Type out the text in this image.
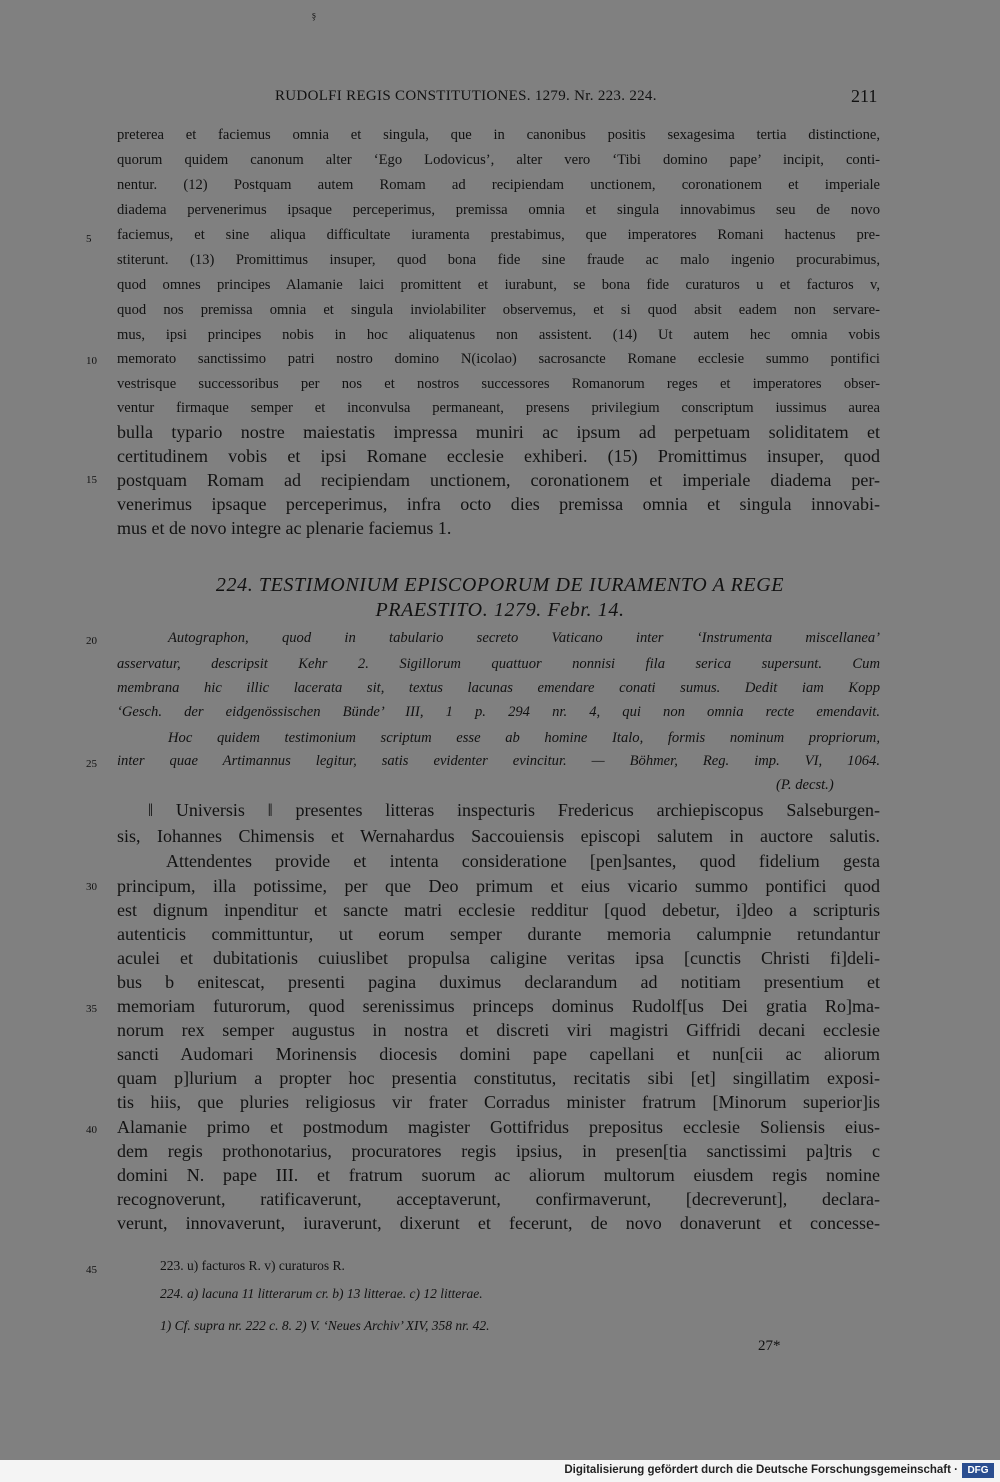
ş
RUDOLFI REGIS CONSTITUTIONES. 1279. Nr. 223. 224.	211
preterea et faciemus omnia et singula, que in canonibus positis sexagesima tertia distinctione,
quorum quidem canonum alter ‘Ego Lodovicus’, alter vero ‘Tibi domino pape’ incipit, conti-
nentur. (12) Postquam autem Romam ad recipiendam unctionem, coronationem et imperiale
diadema pervenerimus ipsaque perceperimus, premissa omnia et singula innovabimus seu de novo
faciemus, et sine aliqua difficultate iuramenta prestabimus, que imperatores Romani hactenus pre-
stiterunt. (13) Promittimus insuper, quod bona fide sine fraude ac malo ingenio procurabimus,
quod omnes principes Alamanie laici promittent et iurabunt, se bona fide curaturos u et facturos v,
quod nos premissa omnia et singula inviolabiliter observemus, et si quod absit eadem non servare-
mus, ipsi principes nobis in hoc aliquatenus non assistent. (14) Ut autem hec omnia vobis
memorato sanctissimo patri nostro domino N(icolao) sacrosancte Romane ecclesie summo pontifici
vestrisque successoribus per nos et nostros successores Romanorum reges et imperatores obser-
ventur firmaque semper et inconvulsa permaneant, presens privilegium conscriptum iussimus aurea
bulla typario nostre maiestatis impressa muniri ac ipsum ad perpetuam soliditatem et
certitudinem vobis et ipsi Romane ecclesie exhiberi. (15) Promittimus insuper, quod
postquam Romam ad recipiendam unctionem, coronationem et imperiale diadema per-
venerimus ipsaque perceperimus, infra octo dies premissa omnia et singula innovabi-
mus et de novo integre ac plenarie faciemus 1.
224. TESTIMONIUM EPISCOPORUM DE IURAMENTO A REGE
PRAESTITO. 1279. Febr. 14.
Autographon, quod in tabulario secreto Vaticano inter ‘Instrumenta miscellanea’
asservatur, descripsit Kehr 2. Sigillorum quattuor nonnisi fila serica supersunt. Cum
membrana hic illic lacerata sit, textus lacunas emendare conati sumus. Dedit iam Kopp
‘Gesch. der eidgenössischen Bünde’ III, 1 p. 294 nr. 4, qui non omnia recte emendavit.
Hoc quidem testimonium scriptum esse ab homine Italo, formis nominum propriorum,
inter quae Artimannus legitur, satis evidenter evincitur. — Böhmer, Reg. imp. VI, 1064.
(P. decst.)
‖ Universis ‖ presentes litteras inspecturis Fredericus archiepiscopus Salseburgen-
sis, Iohannes Chimensis et Wernahardus Saccouiensis episcopi salutem in auctore salutis.
Attendentes provide et intenta consideratione [pen]santes, quod fidelium gesta
principum, illa potissime, per que Deo primum et eius vicario summo pontifici quod
est dignum inpenditur et sancte matri ecclesie redditur [quod debetur, i]deo a scripturis
autenticis committuntur, ut eorum semper durante memoria calumpnie retundantur
aculei et dubitationis cuiuslibet propulsa caligine veritas ipsa [cunctis Christi fi]deli-
bus b enitescat, presenti pagina duximus declarandum ad notitiam presentium et
memoriam futurorum, quod serenissimus princeps dominus Rudolf[us Dei gratia Ro]ma-
norum rex semper augustus in nostra et discreti viri magistri Giffridi decani ecclesie
sancti Audomari Morinensis diocesis domini pape capellani et nun[cii ac aliorum
quam p]lurium a propter hoc presentia constitutus, recitatis sibi [et] singillatim exposi-
tis hiis, que pluries religiosus vir frater Corradus minister fratrum [Minorum superior]is
Alamanie primo et postmodum magister Gottifridus prepositus ecclesie Soliensis eius-
dem regis prothonotarius, procuratores regis ipsius, in presen[tia sanctissimi pa]tris c
domini N. pape III. et fratrum suorum ac aliorum multorum eiusdem regis nomine
recognoverunt, ratificaverunt, acceptaverunt, confirmaverunt, [decreverunt], declara-
verunt, innovaverunt, iuraverunt, dixerunt et fecerunt, de novo donaverunt et concesse-
5
10
15
20
25
30
35
40
45	223. u) facturos R. v) curaturos R.
224. a) lacuna 11 litterarum cr. b) 13 litterae. c) 12 litterae.
1) Cf. supra nr. 222 c. 8. 2) V. ‘Neues Archiv’ XIV, 358 nr. 42.
27*
Digitalisierung gefördert durch die Deutsche Forschungsgemeinschaft · DFG
